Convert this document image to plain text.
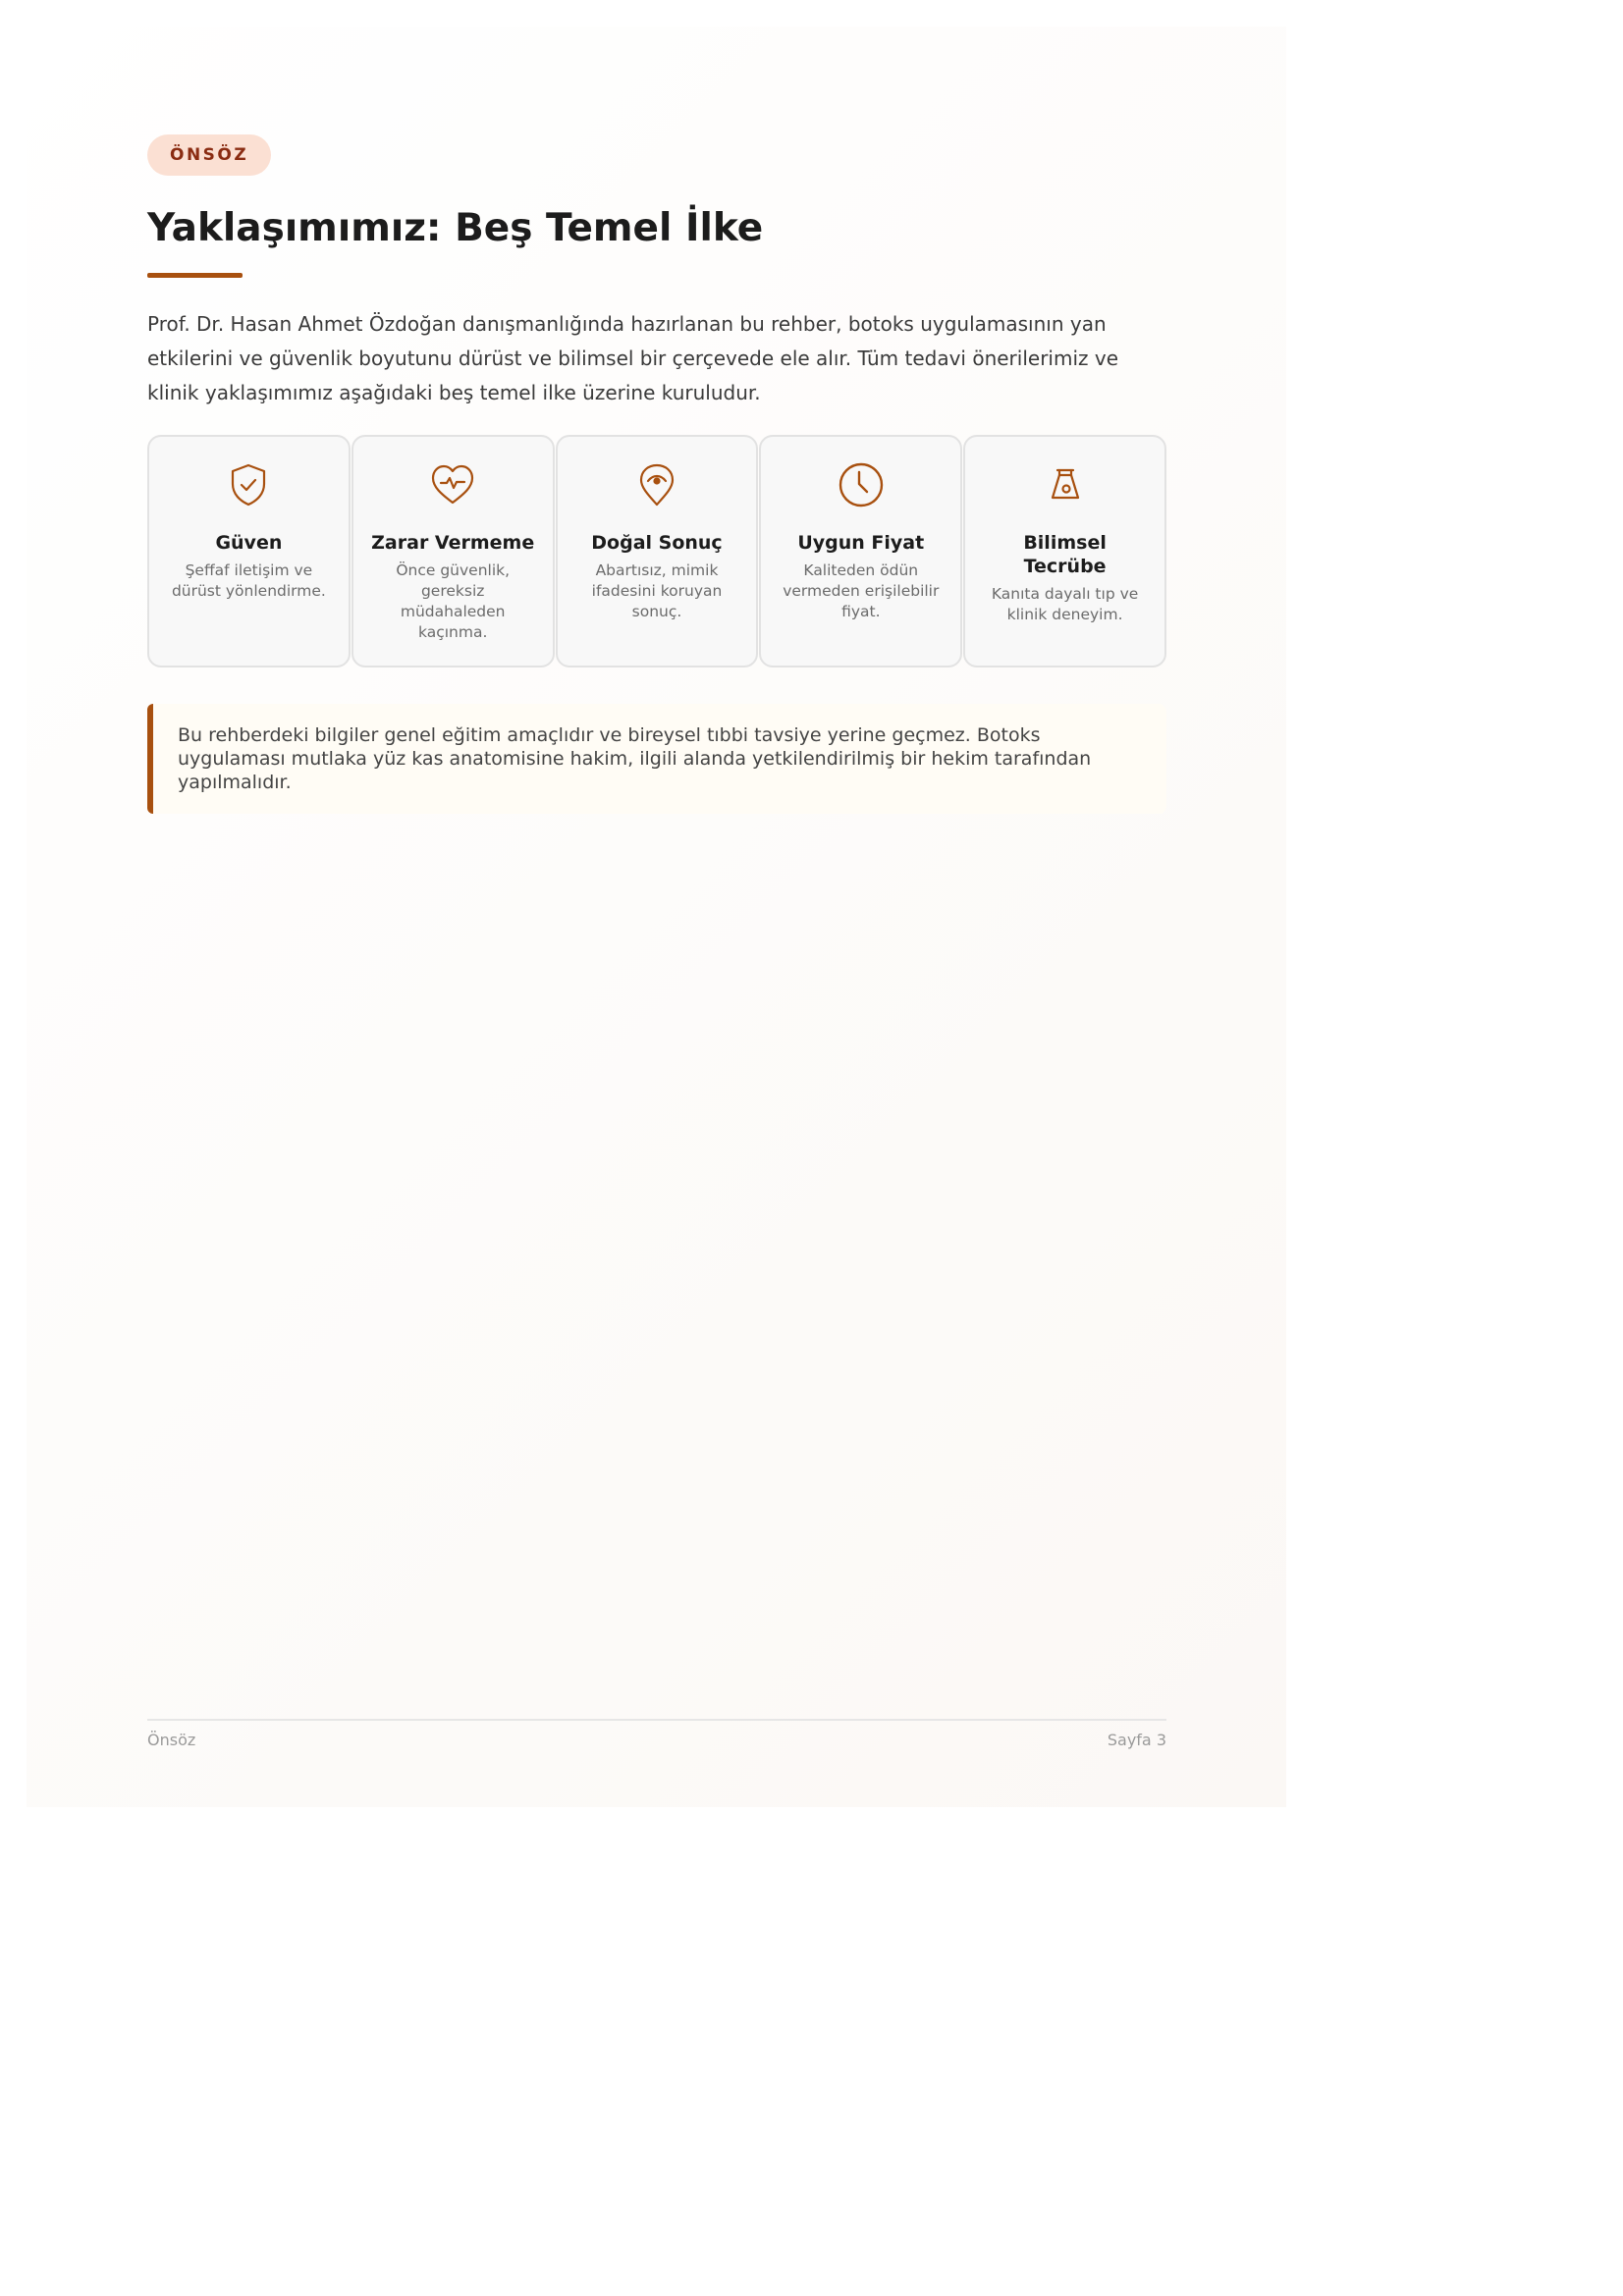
ÖNSÖZ
Yaklaşımımız: Beş Temel İlke

Prof. Dr. Hasan Ahmet Özdoğan danışmanlığında hazırlanan bu rehber, botoks uygulamasının yan etkilerini ve güvenlik boyutunu dürüst ve bilimsel bir çerçevede ele alır. Tüm tedavi önerilerimiz ve klinik yaklaşımımız aşağıdaki beş temel ilke üzerine kuruludur.

Güven
Şeffaf iletişim ve dürüst yönlendirme.
Zarar Vermeme
Önce güvenlik, gereksiz müdahaleden kaçınma.
Doğal Sonuç
Abartısız, mimik ifadesini koruyan sonuç.
Uygun Fiyat
Kaliteden ödün vermeden erişilebilir fiyat.
Bilimsel Tecrübe
Kanıta dayalı tıp ve klinik deneyim.
Bu rehberdeki bilgiler genel eğitim amaçlıdır ve bireysel tıbbi tavsiye yerine geçmez. Botoks uygulaması mutlaka yüz kas anatomisine hakim, ilgili alanda yetkilendirilmiş bir hekim tarafından yapılmalıdır.
Önsöz	Sayfa 3
